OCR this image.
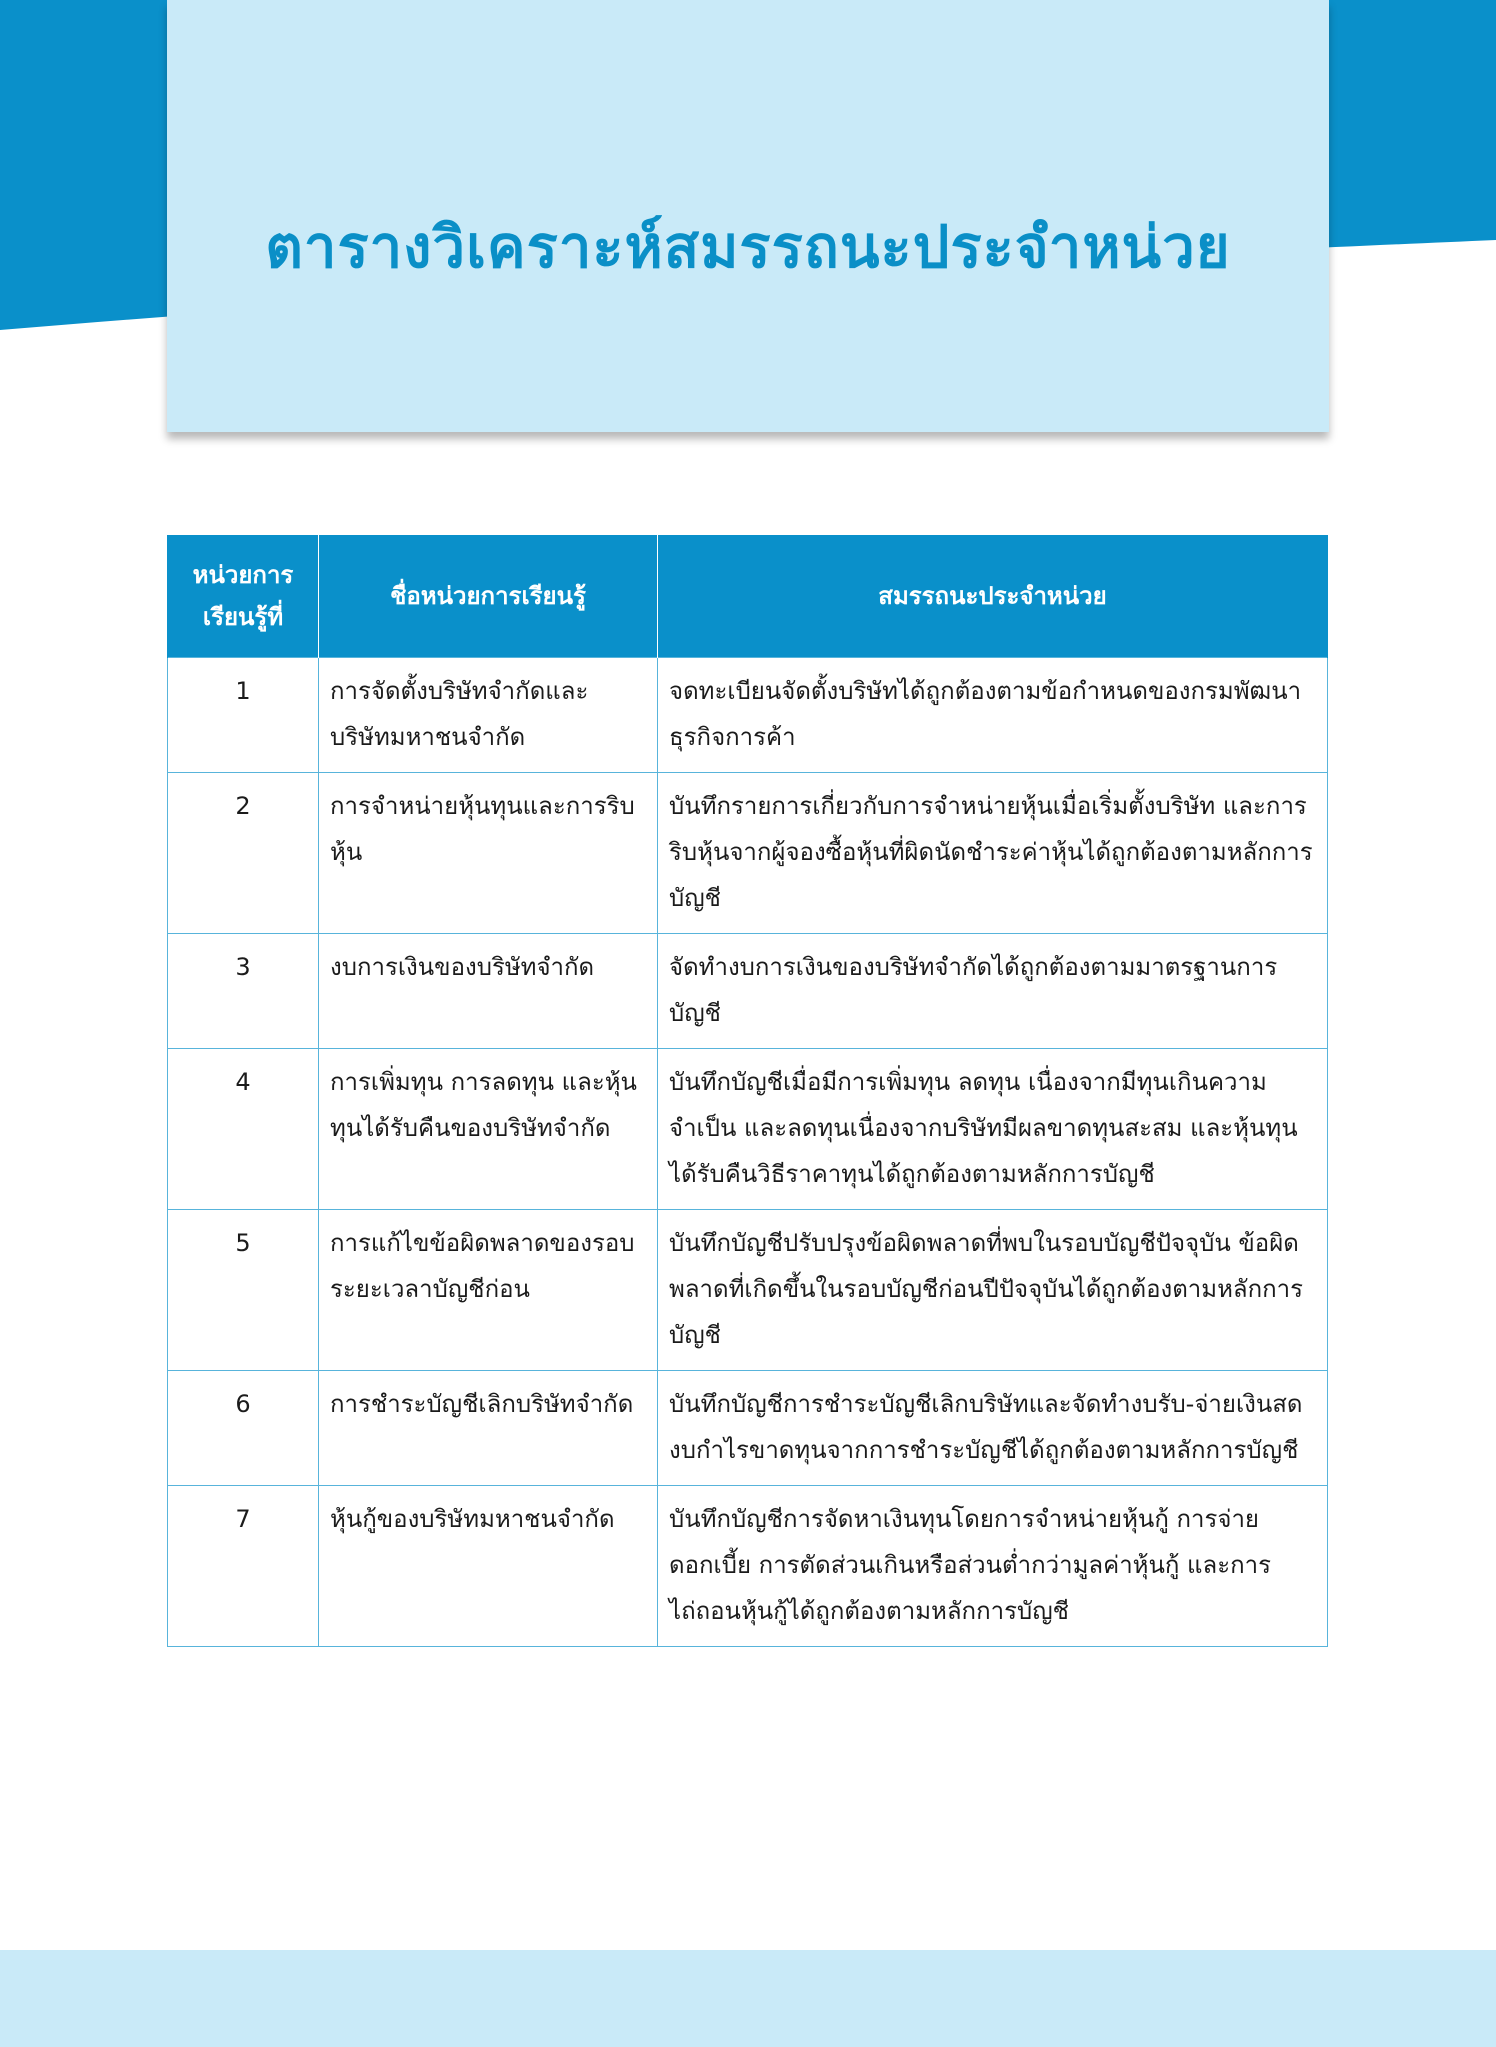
ตารางวิเคราะห์สมรรถนะประจำหน่วย
หน่วยการเรียนรู้ที่	ชื่อหน่วยการเรียนรู้	สมรรถนะประจำหน่วย
1	การจัดตั้งบริษัทจำกัดและบริษัทมหาชนจำกัด	จดทะเบียนจัดตั้งบริษัทได้ถูกต้องตามข้อกำหนดของกรมพัฒนาธุรกิจการค้า
2	การจำหน่ายหุ้นทุนและการริบหุ้น	บันทึกรายการเกี่ยวกับการจำหน่ายหุ้นเมื่อเริ่มตั้งบริษัท และการริบหุ้นจากผู้จองซื้อหุ้นที่ผิดนัดชำระค่าหุ้นได้ถูกต้องตามหลักการบัญชี
3	งบการเงินของบริษัทจำกัด	จัดทำงบการเงินของบริษัทจำกัดได้ถูกต้องตามมาตรฐานการบัญชี
4	การเพิ่มทุน การลดทุน และหุ้นทุนได้รับคืนของบริษัทจำกัด	บันทึกบัญชีเมื่อมีการเพิ่มทุน ลดทุน เนื่องจากมีทุนเกินความจำเป็น และลดทุนเนื่องจากบริษัทมีผลขาดทุนสะสม และหุ้นทุนได้รับคืนวิธีราคาทุนได้ถูกต้องตามหลักการบัญชี
5	การแก้ไขข้อผิดพลาดของรอบระยะเวลาบัญชีก่อน	บันทึกบัญชีปรับปรุงข้อผิดพลาดที่พบในรอบบัญชีปัจจุบัน ข้อผิดพลาดที่เกิดขึ้นในรอบบัญชีก่อนปีปัจจุบันได้ถูกต้องตามหลักการบัญชี
6	การชำระบัญชีเลิกบริษัทจำกัด	บันทึกบัญชีการชำระบัญชีเลิกบริษัทและจัดทำงบรับ-จ่ายเงินสดงบกำไรขาดทุนจากการชำระบัญชีได้ถูกต้องตามหลักการบัญชี
7	หุ้นกู้ของบริษัทมหาชนจำกัด	บันทึกบัญชีการจัดหาเงินทุนโดยการจำหน่ายหุ้นกู้ การจ่ายดอกเบี้ย การตัดส่วนเกินหรือส่วนต่ำกว่ามูลค่าหุ้นกู้ และการไถ่ถอนหุ้นกู้ได้ถูกต้องตามหลักการบัญชี
